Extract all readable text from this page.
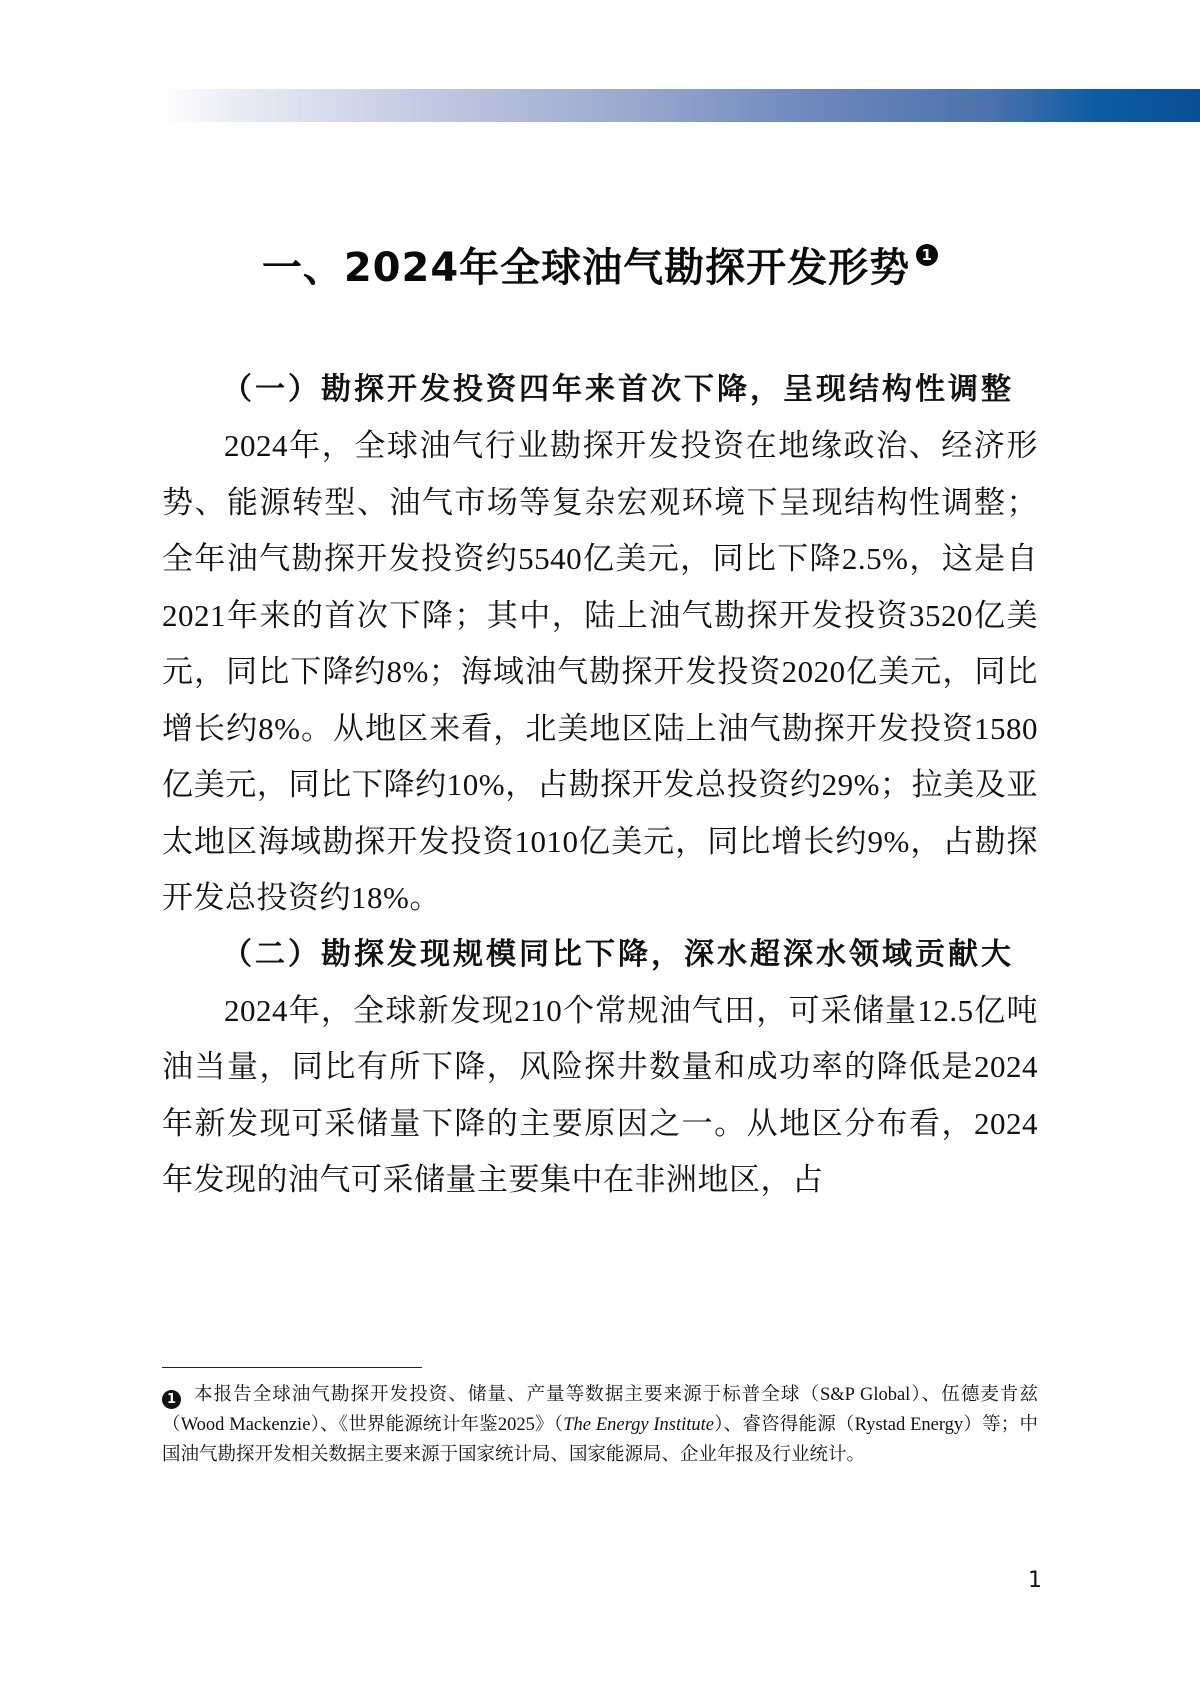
一、2024年全球油气勘探开发形势 1
（一）勘探开发投资四年来首次下降，呈现结构性调整

2024年，全球油气行业勘探开发投资在地缘政治、经济形势、能源转型、油气市场等复杂宏观环境下呈现结构性调整；全年油气勘探开发投资约5540亿美元，同比下降2.5%，这是自2021年来的首次下降；其中，陆上油气勘探开发投资3520亿美元，同比下降约8%；海域油气勘探开发投资2020亿美元，同比增长约8%。从地区来看，北美地区陆上油气勘探开发投资1580亿美元，同比下降约10%，占勘探开发总投资约29%；拉美及亚太地区海域勘探开发投资1010亿美元，同比增长约9%，占勘探开发总投资约18%。

（二）勘探发现规模同比下降，深水超深水领域贡献大

2024年，全球新发现210个常规油气田，可采储量12.5亿吨油当量，同比有所下降，风险探井数量和成功率的降低是2024年新发现可采储量下降的主要原因之一。从地区分布看，2024年发现的油气可采储量主要集中在非洲地区，占

1 本报告全球油气勘探开发投资、储量、产量等数据主要来源于标普全球（S&P Global）、伍德麦肯兹（Wood Mackenzie）、《世界能源统计年鉴2025》（The Energy Institute）、睿咨得能源（Rystad Energy）等；中国油气勘探开发相关数据主要来源于国家统计局、国家能源局、企业年报及行业统计。
1
